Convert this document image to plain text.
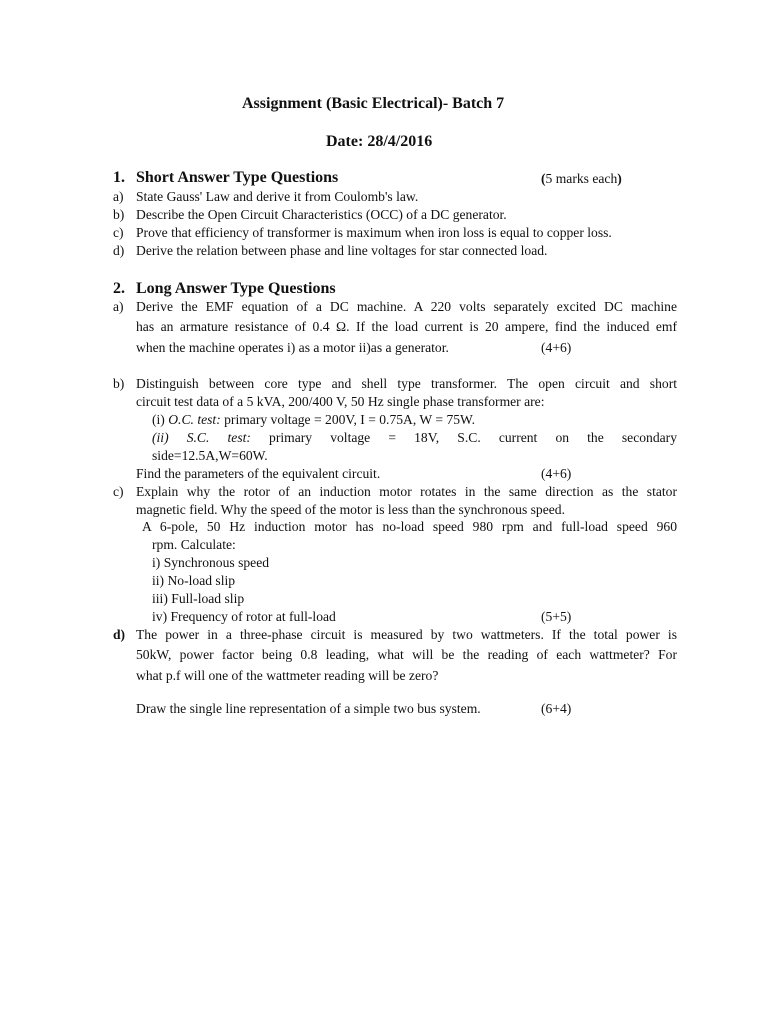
Assignment (Basic Electrical)- Batch 7
Date: 28/4/2016
1. Short Answer Type Questions	(5 marks each)
a) State Gauss' Law and derive it from Coulomb's law.
b) Describe the Open Circuit Characteristics (OCC) of a DC generator.
c) Prove that efficiency of transformer is maximum when iron loss is equal to copper loss.
d) Derive the relation between phase and line voltages for star connected load.
2. Long Answer Type Questions
a) Derive the EMF equation of a DC machine. A 220 volts separately excited DC machine
has an armature resistance of 0.4 Ω. If the load current is 20 ampere, find the induced emf
when the machine operates i) as a motor ii)as a generator.	(4+6)
b) Distinguish between core type and shell type transformer. The open circuit and short
circuit test data of a 5 kVA, 200/400 V, 50 Hz single phase transformer are:
(i) O.C. test: primary voltage = 200V, I = 0.75A, W = 75W.
(ii) S.C. test: primary voltage = 18V, S.C. current on the secondary
side=12.5A,W=60W.
Find the parameters of the equivalent circuit.	(4+6)
c) Explain why the rotor of an induction motor rotates in the same direction as the stator
magnetic field. Why the speed of the motor is less than the synchronous speed.
A 6-pole, 50 Hz induction motor has no-load speed 980 rpm and full-load speed 960
rpm. Calculate:
i) Synchronous speed
ii) No-load slip
iii) Full-load slip
iv) Frequency of rotor at full-load	(5+5)
d) The power in a three-phase circuit is measured by two wattmeters. If the total power is
50kW, power factor being 0.8 leading, what will be the reading of each wattmeter? For
what p.f will one of the wattmeter reading will be zero?
Draw the single line representation of a simple two bus system.	(6+4)
